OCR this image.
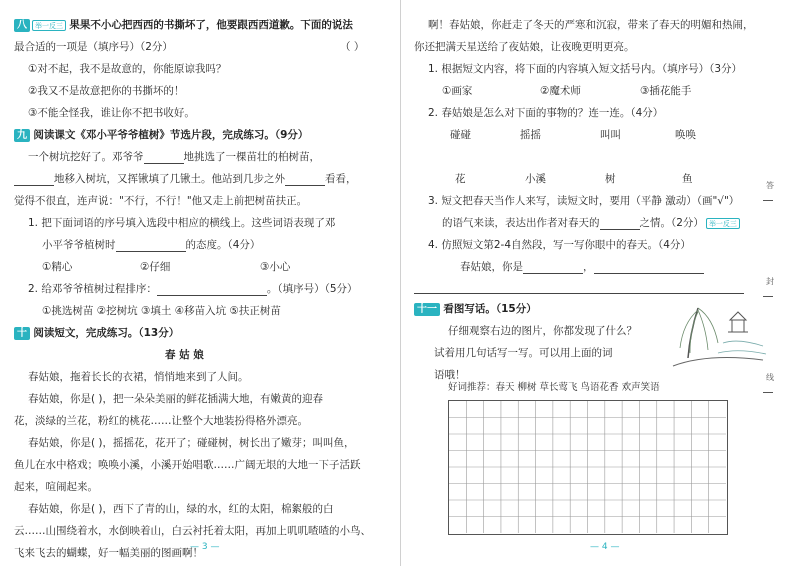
八 举一反三 果果不小心把西西的书撕坏了，他要跟西西道歉。下面的说法
最合适的一项是（填序号）（2分）	（ ）
①对不起，我不是故意的，你能原谅我吗？
②我又不是故意把你的书撕坏的！
③不能全怪我，谁让你不把书收好。
九 阅读课文《邓小平爷爷植树》节选片段，完成练习。（9分）
一个树坑挖好了。邓爷爷	地挑选了一棵苗壮的柏树苗，
地移入树坑，又挥锹填了几锹土。他站到几步之外	看看，
觉得不很直，连声说："不行，不行！"他又走上前把树苗扶正。
1. 把下面词语的序号填入选段中相应的横线上。这些词语表现了邓
小平爷爷植树时	的态度。（4分）
①精心	②仔细	③小心
2. 给邓爷爷植树过程排序：	。（填序号）（5分）
①挑选树苗 ②挖树坑 ③填土 ④移苗入坑 ⑤扶正树苗
十 阅读短文，完成练习。（13分）
春 姑 娘
春姑娘，拖着长长的衣裙，悄悄地来到了人间。
春姑娘，你是( )，把一朵朵美丽的鲜花插满大地，有嫩黄的迎春
花，淡绿的兰花，粉红的桃花……让整个大地装扮得格外漂亮。
春姑娘，你是( )，摇摇花，花开了；碰碰树，树长出了嫩芽；叫叫鱼，
鱼儿在水中格戏；唤唤小溪，小溪开始唱歌……广阔无垠的大地一下子活跃
起来，喧闹起来。
春姑娘，你是( )，西下了青的山，绿的水，红的太阳，棉絮般的白
云……山围绕着水，水倒映着山，白云衬托着太阳，再加上叽叽喳喳的小鸟、
飞来飞去的蝴蝶，好一幅美丽的图画啊！
— 3 —
啊！春姑娘，你赶走了冬天的严寒和沉寂，带来了春天的明媚和热闹，
你还把满天星送给了夜姑娘，让夜晚更明更亮。
1. 根据短文内容，将下面的内容填入短文括号内。（填序号）（3分）
①画家	②魔术师	③插花能手
2. 春姑娘是怎么对下面的事物的？连一连。（4分）
碰碰	摇摇	叫叫	唤唤
花	小溪	树	鱼
3. 短文把春天当作人来写，读短文时，要用（平静 激动）（画"√"）
的语气来读，表达出作者对春天的	之情。（2分） 举一反三
4. 仿照短文第2-4自然段，写一写你眼中的春天。（4分）
春姑娘，你是	，
十一 看图写话。（15分）
仔细观察右边的图片，你都发现了什么？
试着用几句话写一写。可以用上面的词
语哦！
好词推荐：春天 柳树 草长莺飞 鸟语花香 欢声笑语
— 4 —
答
封
线
